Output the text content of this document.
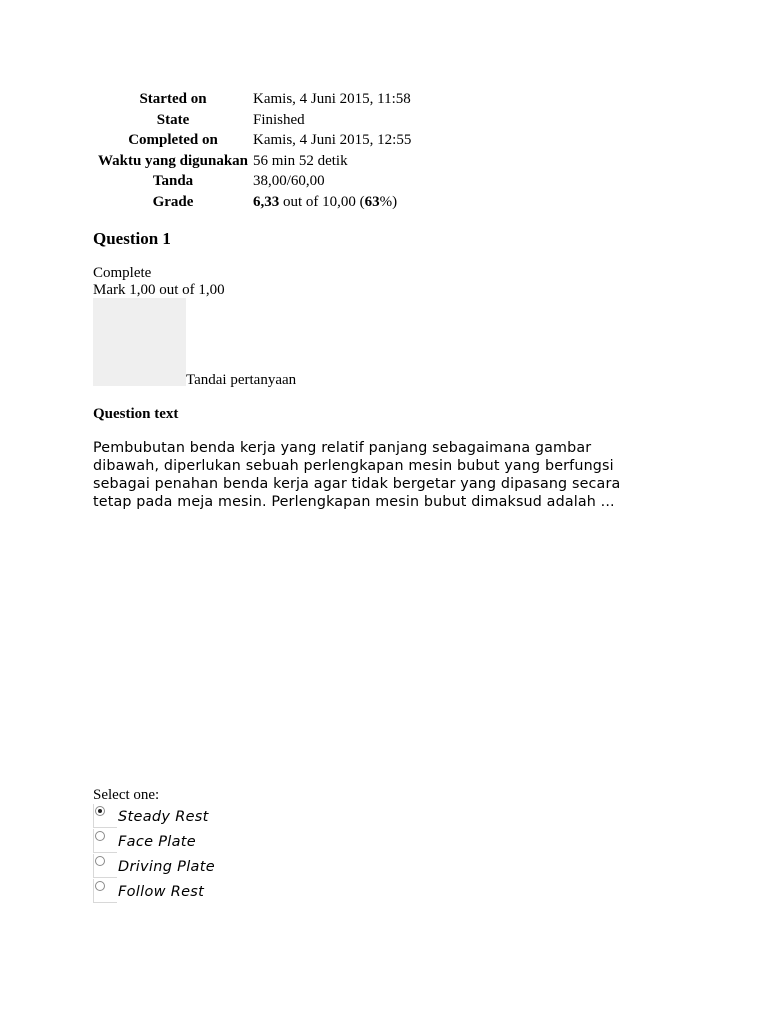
Started on	Kamis, 4 Juni 2015, 11:58
State	Finished
Completed on	Kamis, 4 Juni 2015, 12:55
Waktu yang digunakan	56 min 52 detik
Tanda	38,00/60,00
Grade	6,33 out of 10,00 (63%)
Question 1
Complete
Mark 1,00 out of 1,00
Tandai pertanyaan
Question text

Pembubutan benda kerja yang relatif panjang sebagaimana gambar

dibawah, diperlukan sebuah perlengkapan mesin bubut yang berfungsi

sebagai penahan benda kerja agar tidak bergetar yang dipasang secara

tetap pada meja mesin. Perlengkapan mesin bubut dimaksud adalah ...

Select one:
Steady Rest
Face Plate
Driving Plate
Follow Rest
